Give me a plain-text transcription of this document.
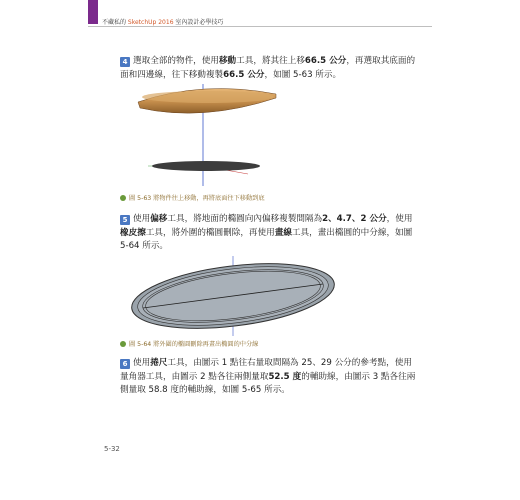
不藏私的 SketchUp 2016 室內設計必學技巧
4 選取全部的物件，使用移動工具，將其往上移66.5 公分，再選取其底面的面和四邊線，往下移動複製66.5 公分，如圖 5-63 所示。
圖 5-63 將物件往上移動，再將底面往下移動到底
5 使用偏移工具，將地面的橢圓向內偏移複製間隔為2、4.7、2 公分，使用橡皮擦工具，將外圍的橢圓刪除，再使用畫線工具，畫出橢圓的中分線，如圖 5-64 所示。
圖 5-64 將外圍的橢圓刪除再畫出橢圓的中分線
6 使用捲尺工具，由圖示 1 點往右量取間隔為 25、29 公分的參考點，使用量角器工具，由圖示 2 點各往兩側量取52.5 度的輔助線，由圖示 3 點各往兩側量取 58.8 度的輔助線，如圖 5-65 所示。
5-32
